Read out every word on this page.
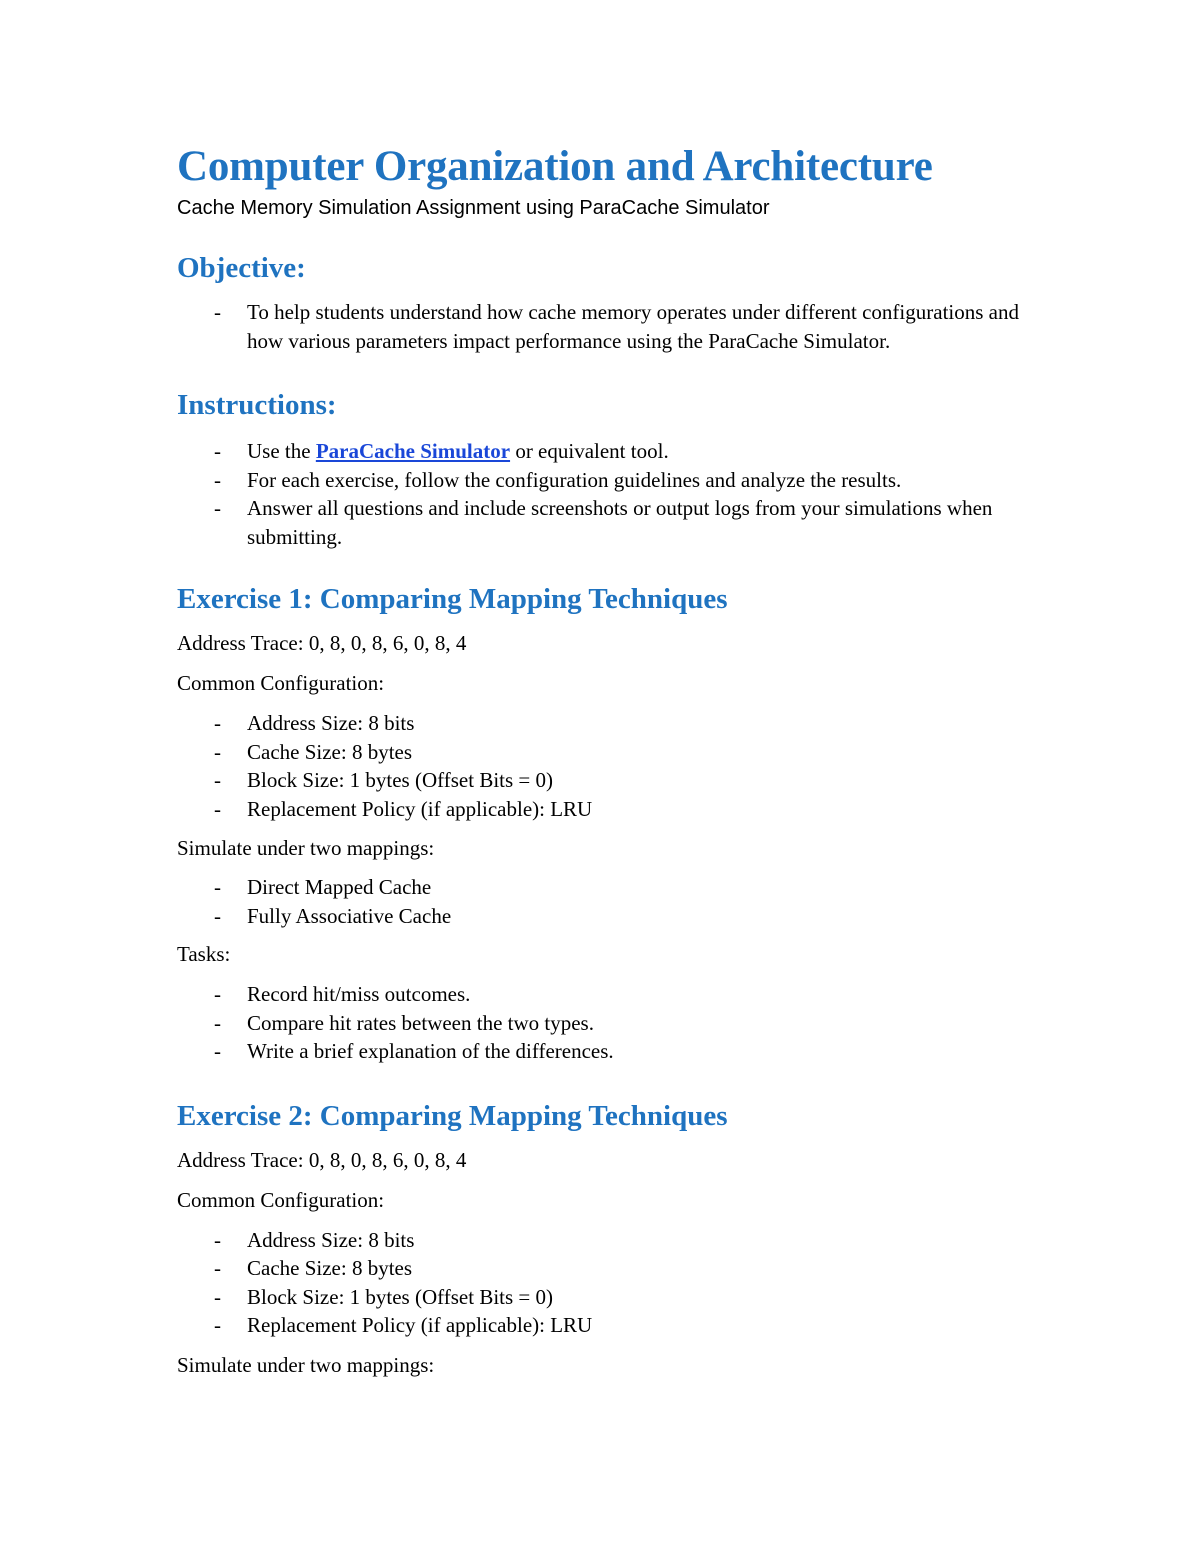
Computer Organization and Architecture

Cache Memory Simulation Assignment using ParaCache Simulator

Objective:
- To help students understand how cache memory operates under different configurations and how various parameters impact performance using the ParaCache Simulator.
Instructions:
- Use the ParaCache Simulator or equivalent tool.
- For each exercise, follow the configuration guidelines and analyze the results.
- Answer all questions and include screenshots or output logs from your simulations when submitting.
Exercise 1: Comparing Mapping Techniques

Address Trace: 0, 8, 0, 8, 6, 0, 8, 4

Common Configuration:

- Address Size: 8 bits
- Cache Size: 8 bytes
- Block Size: 1 bytes (Offset Bits = 0)
- Replacement Policy (if applicable): LRU

Simulate under two mappings:

- Direct Mapped Cache
- Fully Associative Cache

Tasks:

- Record hit/miss outcomes.
- Compare hit rates between the two types.
- Write a brief explanation of the differences.
Exercise 2: Comparing Mapping Techniques

Address Trace: 0, 8, 0, 8, 6, 0, 8, 4

Common Configuration:

- Address Size: 8 bits
- Cache Size: 8 bytes
- Block Size: 1 bytes (Offset Bits = 0)
- Replacement Policy (if applicable): LRU

Simulate under two mappings:
